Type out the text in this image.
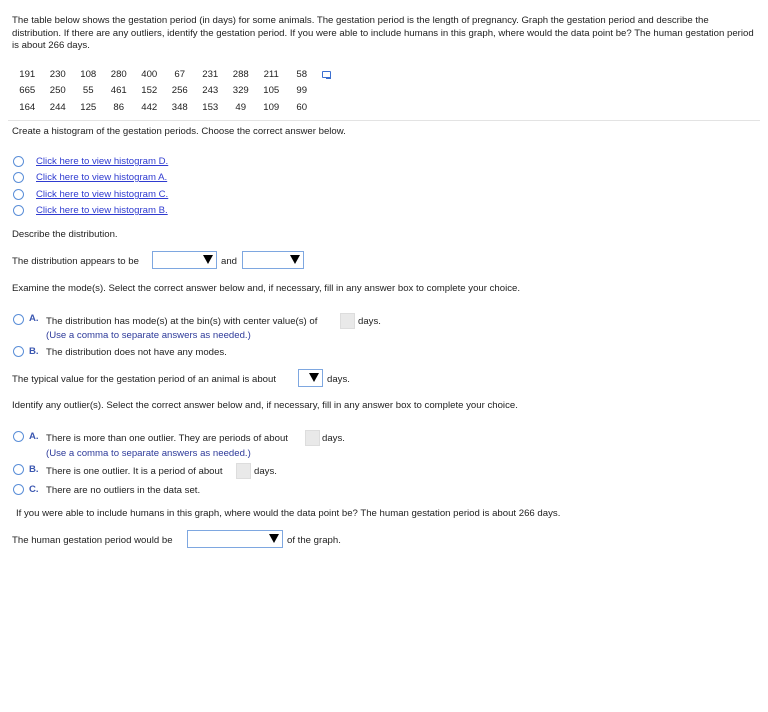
The table below shows the gestation period (in days) for some animals. The gestation period is the length of pregnancy. Graph the gestation period and describe the distribution. If there are any outliers, identify the gestation period. If you were able to include humans in this graph, where would the data point be? The human gestation period is about 266 days.
191	230	108	280	400	67	231	288	211	58
665	250	55	461	152	256	243	329	105	99
164	244	125	86	442	348	153	49	109	60
Create a histogram of the gestation periods. Choose the correct answer below.
Click here to view histogram D.
Click here to view histogram A.
Click here to view histogram C.
Click here to view histogram B.
Describe the distribution.
The distribution appears to be	and
Examine the mode(s). Select the correct answer below and, if necessary, fill in any answer box to complete your choice.
A. The distribution has mode(s) at the bin(s) with center value(s) of	days.
(Use a comma to separate answers as needed.)
B. The distribution does not have any modes.
The typical value for the gestation period of an animal is about	days.
Identify any outlier(s). Select the correct answer below and, if necessary, fill in any answer box to complete your choice.
A. There is more than one outlier. They are periods of about	days.
(Use a comma to separate answers as needed.)
B. There is one outlier. It is a period of about	days.
C. There are no outliers in the data set.
If you were able to include humans in this graph, where would the data point be? The human gestation period is about 266 days.
The human gestation period would be	of the graph.
